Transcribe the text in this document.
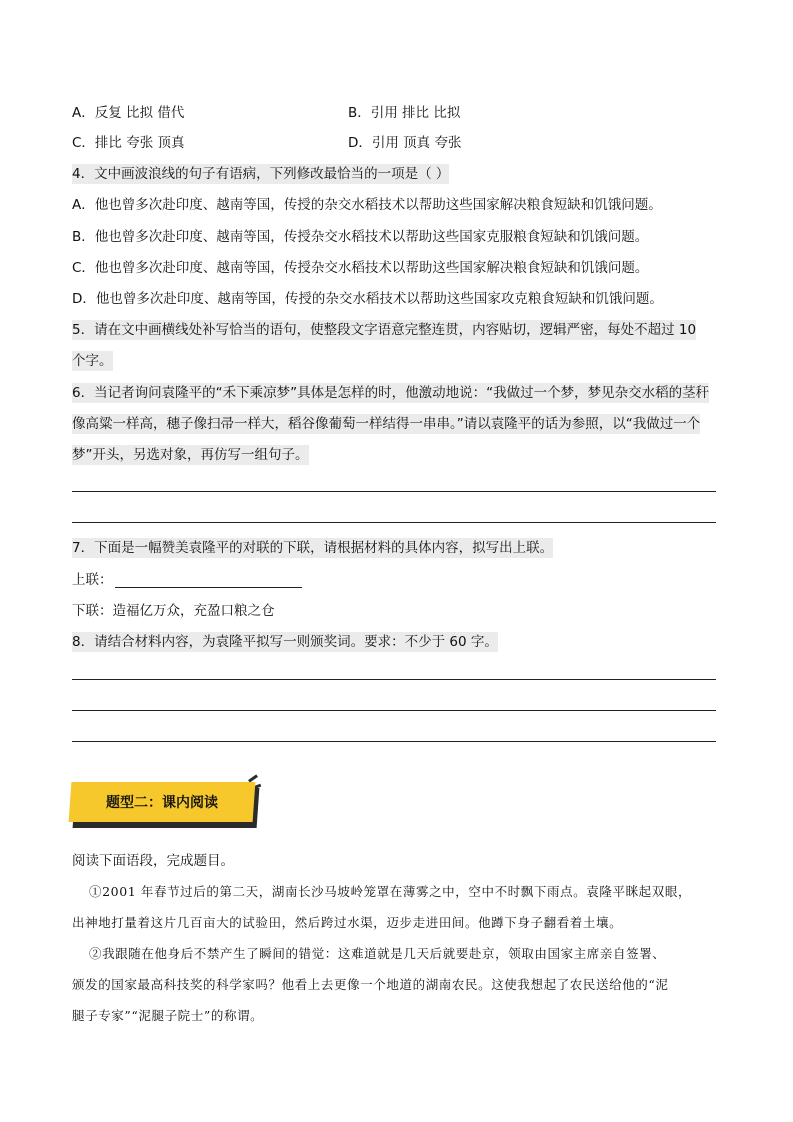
A．反复 比拟 借代	B．引用 排比 比拟
C．排比 夸张 顶真	D．引用 顶真 夸张
4．文中画波浪线的句子有语病，下列修改最恰当的一项是（ ）
A．他也曾多次赴印度、越南等国，传授的杂交水稻技术以帮助这些国家解决粮食短缺和饥饿问题。
B．他也曾多次赴印度、越南等国，传授杂交水稻技术以帮助这些国家克服粮食短缺和饥饿问题。
C．他也曾多次赴印度、越南等国，传授杂交水稻技术以帮助这些国家解决粮食短缺和饥饿问题。
D．他也曾多次赴印度、越南等国，传授的杂交水稻技术以帮助这些国家攻克粮食短缺和饥饿问题。
5．请在文中画横线处补写恰当的语句，使整段文字语意完整连贯，内容贴切，逻辑严密，每处不超过 10
个字。
6．当记者询问袁隆平的“禾下乘凉梦”具体是怎样的时，他激动地说：“我做过一个梦，梦见杂交水稻的茎秆
像高粱一样高，穗子像扫帚一样大，稻谷像葡萄一样结得一串串。”请以袁隆平的话为参照，以“我做过一个
梦”开头，另选对象，再仿写一组句子。
7．下面是一幅赞美袁隆平的对联的下联，请根据材料的具体内容，拟写出上联。
上联：
下联：造福亿万众，充盈口粮之仓
8．请结合材料内容，为袁隆平拟写一则颁奖词。要求：不少于 60 字。
题型二：课内阅读
阅读下面语段，完成题目。
①2001 年春节过后的第二天，湖南长沙马坡岭笼罩在薄雾之中，空中不时飘下雨点。袁隆平眯起双眼，
出神地打量着这片几百亩大的试验田，然后跨过水渠，迈步走进田间。他蹲下身子翻看着土壤。
②我跟随在他身后不禁产生了瞬间的错觉：这难道就是几天后就要赴京，领取由国家主席亲自签署、
颁发的国家最高科技奖的科学家吗？他看上去更像一个地道的湖南农民。这使我想起了农民送给他的“泥
腿子专家”“泥腿子院士”的称谓。
